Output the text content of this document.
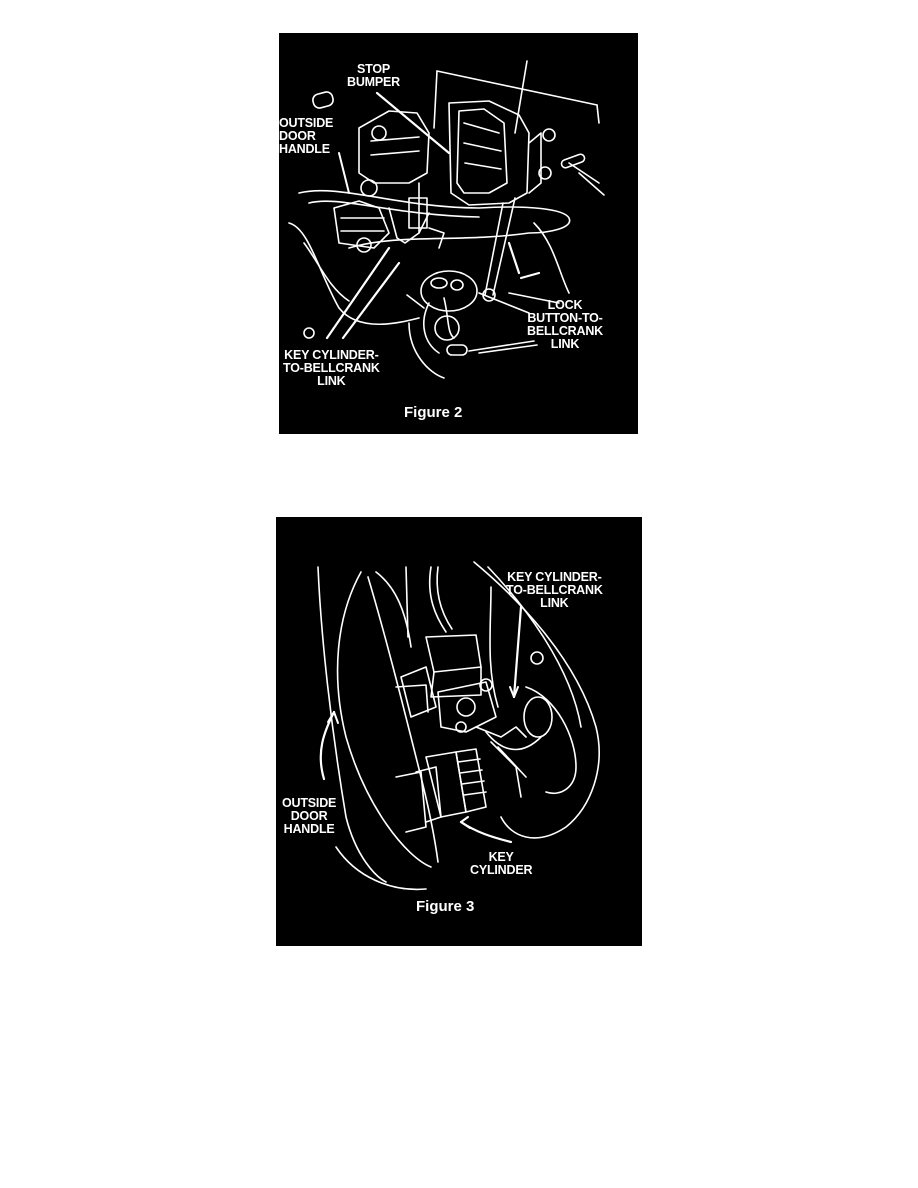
STOP
BUMPER
OUTSIDE
DOOR
HANDLE
LOCK
BUTTON-TO-
BELLCRANK
LINK
KEY CYLINDER-
TO-BELLCRANK
LINK
Figure 2
KEY CYLINDER-
TO-BELLCRANK
LINK
OUTSIDE
DOOR
HANDLE
KEY
CYLINDER
Figure 3
